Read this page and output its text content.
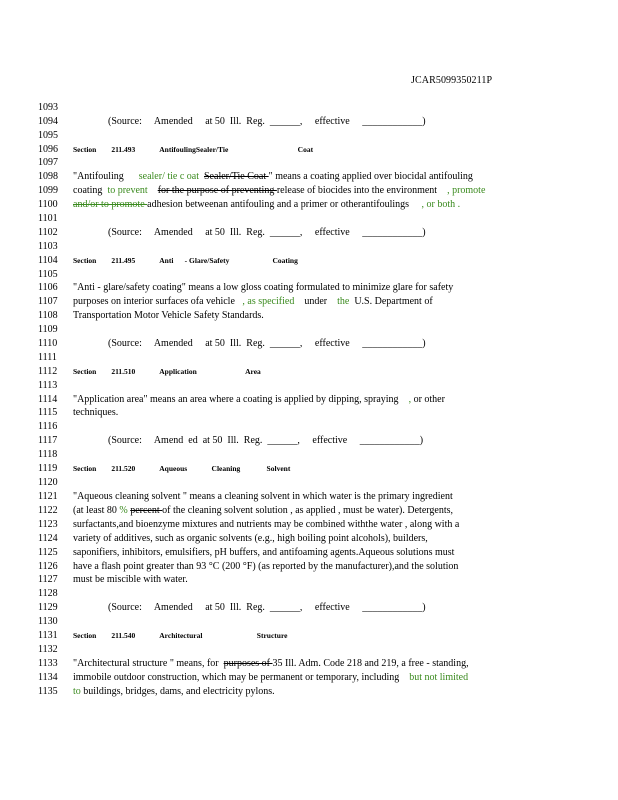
JCAR5099350211P
1093
1094
1095
1096
1097
1098
1099
1100
1101
1102
1103
1104
1105
1106
1107
1108
1109
1110
1111
1112
1113
1114
1115
1116
1117
1118
1119
1120
1121
1122
1123
1124
1125
1126
1127
1128
1129
1130
1131
1132
1133
1134
1135
(Source:     Amended     at 50  Ill.  Reg.  ______,     effective     ____________)
Section        211.493             AntifoulingSealer/Tie                                     Coat
"Antifouling sealer/ tie c oat Sealer/Tie Coat " means a coating applied over biocidal antifouling
coating to prevent for the purpose of preventing release of biocides into the environment , promote
and/or to promote adhesion betweenan antifouling and a primer or otherantifoulings , or both .
(Source:     Amended     at 50  Ill.  Reg.  ______,     effective     ____________)
Section        211.495             Anti      - Glare/Safety                       Coating
"Anti - glare/safety coating" means a low gloss coating formulated to minimize glare for safety
purposes on interior surfaces ofa vehicle , as specified under the U.S. Department of
Transportation Motor Vehicle Safety Standards.
(Source:     Amended     at 50  Ill.  Reg.  ______,     effective     ____________)
Section        211.510             Application                          Area
"Application area" means an area where a coating is applied by dipping, spraying , or other
techniques.
(Source:     Amend  ed  at 50  Ill.  Reg.  ______,     effective     ____________)
Section        211.520             Aqueous             Cleaning              Solvent
"Aqueous cleaning solvent " means a cleaning solvent in which water is the primary ingredient
(at least 80 % percent of the cleaning solvent solution , as applied , must be water). Detergents,
surfactants,and bioenzyme mixtures and nutrients may be combined withthe water , along with a
variety of additives, such as organic solvents (e.g., high boiling point alcohols), builders,
saponifiers, inhibitors, emulsifiers, pH buffers, and antifoaming agents.Aqueous solutions must
have a flash point greater than 93 °C (200 °F) (as reported by the manufacturer),and the solution
must be miscible with water.
(Source:     Amended     at 50  Ill.  Reg.  ______,     effective     ____________)
Section        211.540             Architectural                             Structure
"Architectural structure " means, for purposes of 35 Ill. Adm. Code 218 and 219, a free - standing,
immobile outdoor construction, which may be permanent or temporary, including but not limited
to buildings, bridges, dams, and electricity pylons.
